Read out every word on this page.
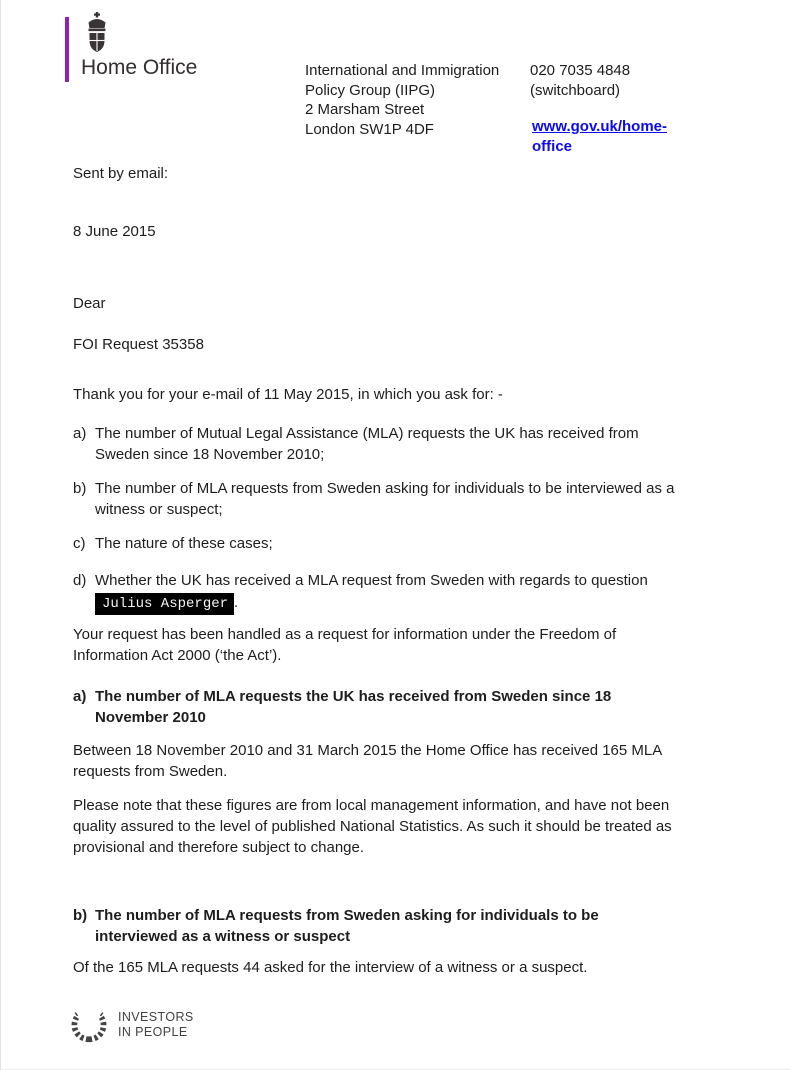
Home Office	International and Immigration
Policy Group (IIPG)
2 Marsham Street
London SW1P 4DF
020 7035 4848
(switchboard)
www.gov.uk/home-
office

Sent by email:

8 June 2015

Dear

FOI Request 35358

Thank you for your e-mail of 11 May 2015, in which you ask for: -

a) The number of Mutual Legal Assistance (MLA) requests the UK has received from
Sweden since 18 November 2010;
b) The number of MLA requests from Sweden asking for individuals to be interviewed as a
witness or suspect;
c) The nature of these cases;
d) Whether the UK has received a MLA request from Sweden with regards to question
Julius Asperger .

Your request has been handled as a request for information under the Freedom of
Information Act 2000 (‘the Act’).

a) The number of MLA requests the UK has received from Sweden since 18
November 2010

Between 18 November 2010 and 31 March 2015 the Home Office has received 165 MLA
requests from Sweden.

Please note that these figures are from local management information, and have not been
quality assured to the level of published National Statistics. As such it should be treated as
provisional and therefore subject to change.

b) The number of MLA requests from Sweden asking for individuals to be
interviewed as a witness or suspect

Of the 165 MLA requests 44 asked for the interview of a witness or a suspect.

INVESTORS
IN PEOPLE
